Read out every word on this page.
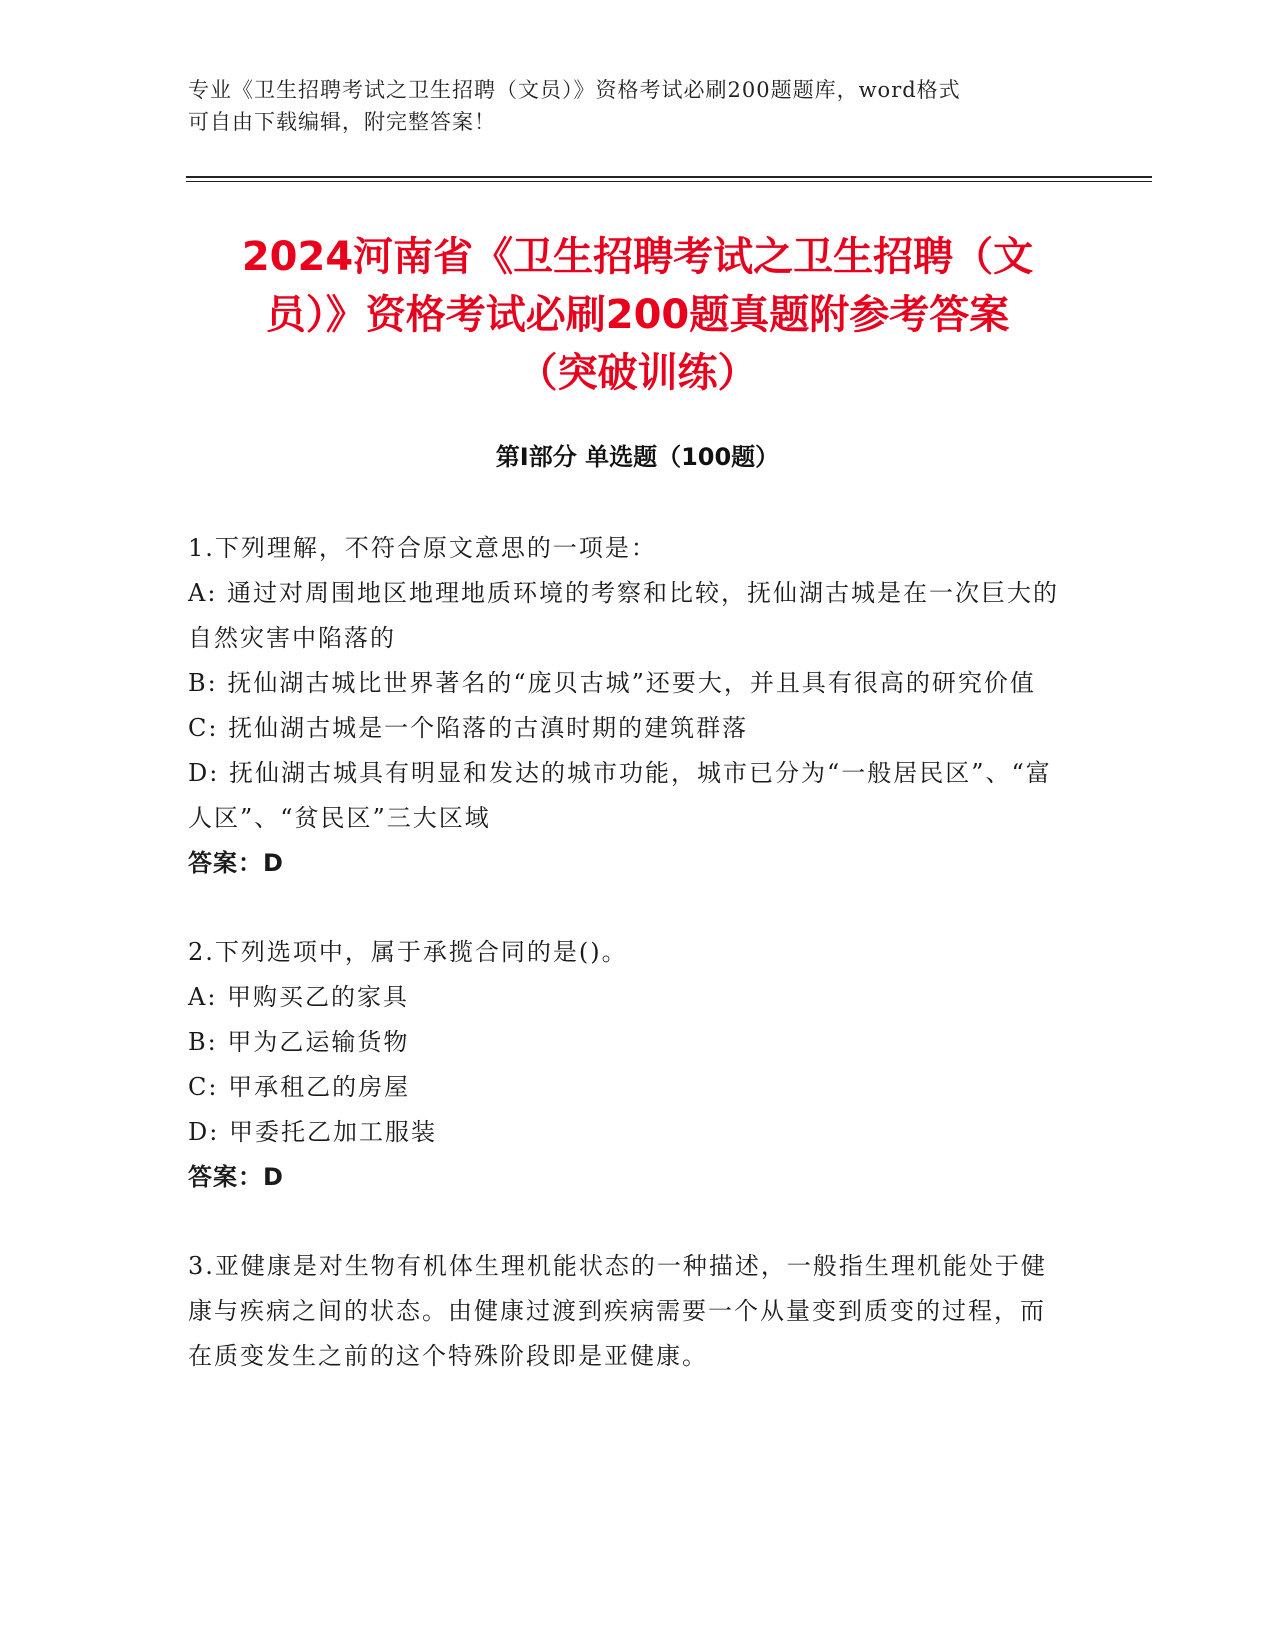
专业《卫生招聘考试之卫生招聘（文员）》资格考试必刷200题题库，word格式
可自由下载编辑，附完整答案！
2024河南省《卫生招聘考试之卫生招聘（文
员）》资格考试必刷200题真题附参考答案
（突破训练）
第Ⅰ部分 单选题（100题）

1.下列理解，不符合原文意思的一项是：

A: 通过对周围地区地理地质环境的考察和比较，抚仙湖古城是在一次巨大的自然灾害中陷落的

B: 抚仙湖古城比世界著名的“庞贝古城”还要大，并且具有很高的研究价值

C: 抚仙湖古城是一个陷落的古滇时期的建筑群落

D: 抚仙湖古城具有明显和发达的城市功能，城市已分为“一般居民区”、“富人区”、“贫民区”三大区域

答案：D

2.下列选项中，属于承揽合同的是()。

A: 甲购买乙的家具

B: 甲为乙运输货物

C: 甲承租乙的房屋

D: 甲委托乙加工服装

答案：D

3.亚健康是对生物有机体生理机能状态的一种描述，一般指生理机能处于健康与疾病之间的状态。由健康过渡到疾病需要一个从量变到质变的过程，而在质变发生之前的这个特殊阶段即是亚健康。
